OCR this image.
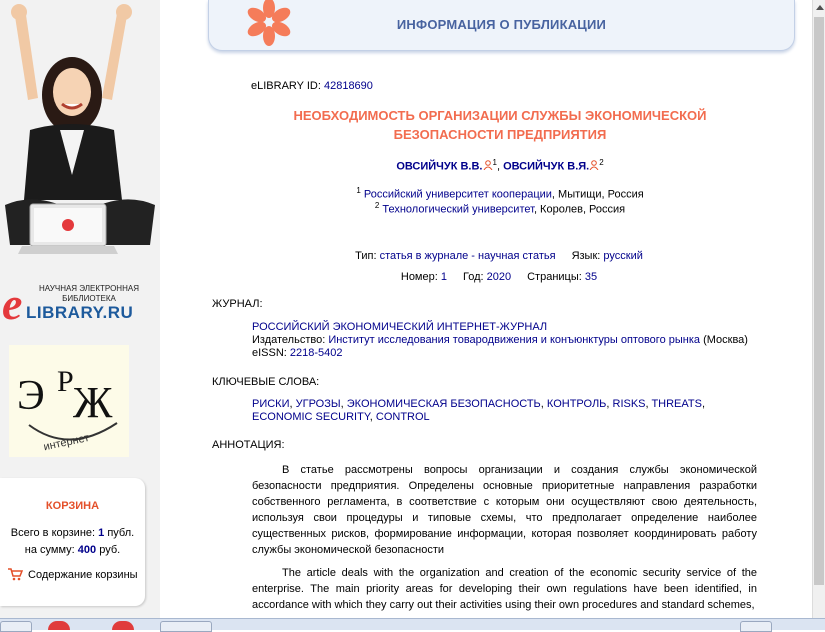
e	НАУЧНАЯ ЭЛЕКТРОННАЯ
БИБЛИОТЕКА
LIBRARY.RU
Э Р Ж
интернет
КОРЗИНА
Всего в корзине: 1 публ.
на сумму: 400 руб.
Содержание корзины
ИНФОРМАЦИЯ О ПУБЛИКАЦИИ
eLIBRARY ID: 42818690
НЕОБХОДИМОСТЬ ОРГАНИЗАЦИИ СЛУЖБЫ ЭКОНОМИЧЕСКОЙ БЕЗОПАСНОСТИ ПРЕДПРИЯТИЯ
ОВСИЙЧУК В.В. $^1$, ОВСИЙЧУК В.Я. $^2$
$^1$ Российский университет кооперации, Мытищи, Россия
$^2$ Технологический университет, Королев, Россия
Тип: статья в журнале - научная статья Язык: русский
Номер: 1 Год: 2020 Страницы: 35
ЖУРНАЛ:
РОССИЙСКИЙ ЭКОНОМИЧЕСКИЙ ИНТЕРНЕТ-ЖУРНАЛ
Издательство: Институт исследования товародвижения и конъюнктуры оптового рынка (Москва)
eISSN: 2218-5402
КЛЮЧЕВЫЕ СЛОВА:
РИСКИ, УГРОЗЫ, ЭКОНОМИЧЕСКАЯ БЕЗОПАСНОСТЬ, КОНТРОЛЬ, RISKS, THREATS, ECONOMIC SECURITY, CONTROL
АННОТАЦИЯ:

В статье рассмотрены вопросы организации и создания службы экономической безопасности предприятия. Определены основные приоритетные направления разработки собственного регламента, в соответствие с которым они осуществляют свою деятельность, используя свои процедуры и типовые схемы, что предполагает определение наиболее существенных рисков, формирование информации, которая позволяет координировать работу службы экономической безопасности

The article deals with the organization and creation of the economic security service of the enterprise. The main priority areas for developing their own regulations have been identified, in accordance with which they carry out their activities using their own procedures and standard schemes,
